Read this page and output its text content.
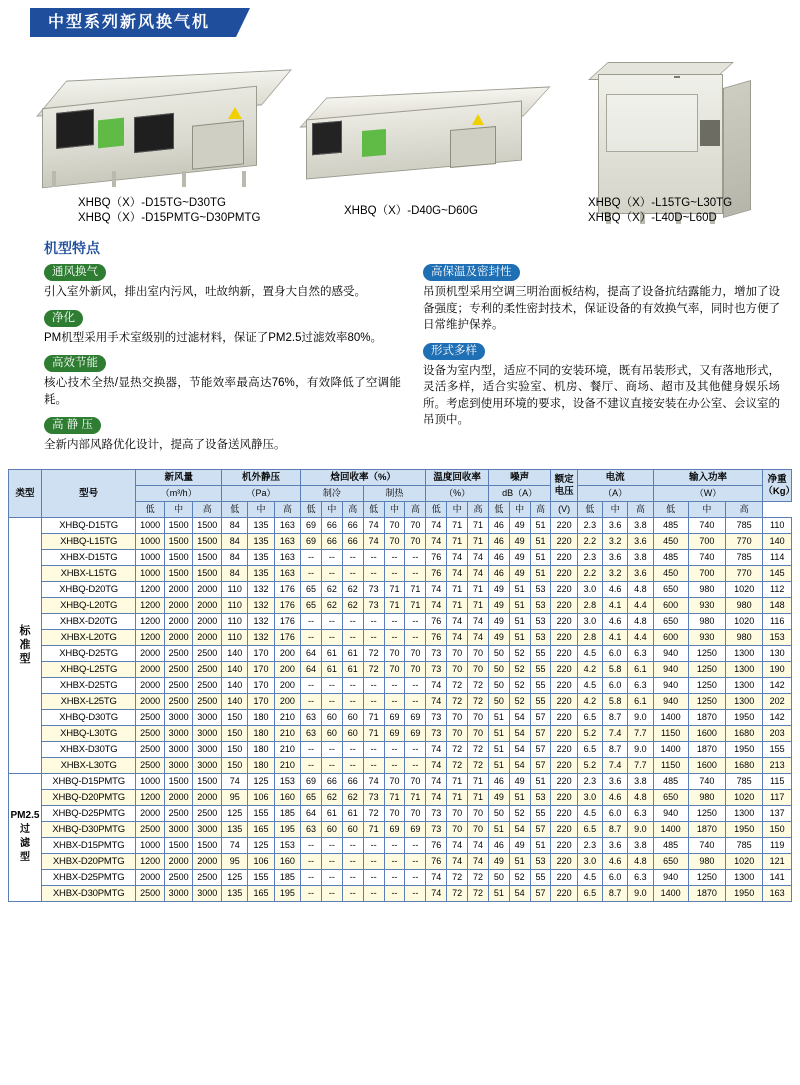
中型系列新风换气机
XHBQ（X）-D15TG~D30TG
XHBQ（X）-D15PMTG~D30PMTG
XHBQ（X）-D40G~D60G
XHBQ（X）-L15TG~L30TG
XHBQ（X）-L40D~L60D
机型特点
通风换气

引入室外新风，排出室内污风，吐故纳新，置身大自然的感受。

净化

PM机型采用手术室级别的过滤材料，保证了PM2.5过滤效率80%。

高效节能

核心技术全热/显热交换器，节能效率最高达76%，有效降低了空调能耗。

高 静 压

全新内部风路优化设计，提高了设备送风静压。

高保温及密封性

吊顶机型采用空调三明治面板结构，提高了设备抗结露能力，增加了设备强度；专利的柔性密封技术，保证设备的有效换气率，同时也方便了日常维护保养。

形式多样

设备为室内型，适应不同的安装环境，既有吊装形式，又有落地形式，灵活多样，适合实验室、机房、餐厅、商场、超市及其他健身娱乐场所。考虑到使用环境的要求，设备不建议直接安装在办公室、会议室的吊顶中。

类型	型号	
新风量	机外静压	焓回收率（%）	温度回收率	噪声	额定
电压

电流	输入功率	净重
（Kg）

		（m³/h）			（Pa）			制冷			制热			（%）			dB（A）				（A）			（W）			
		低	中	高	低	中	高	低	中	高	低	中	高	低	中	高	低	中	高	(V)	低	中	高	低	中	高	

标
准
型	XHBQ-D15TG	1000	1500	1500	84	135	163	69	66	66	74	70	70	74	71	71	46	49	51	220	2.3	3.6	3.8	485	740	785	110
	XHBQ-L15TG	1000	1500	1500	84	135	163	69	66	66	74	70	70	74	71	71	46	49	51	220	2.2	3.2	3.6	450	700	770	140
	XHBX-D15TG	1000	1500	1500	84	135	163	--	--	--	--	--	--	76	74	74	46	49	51	220	2.3	3.6	3.8	485	740	785	114
	XHBX-L15TG	1000	1500	1500	84	135	163	--	--	--	--	--	--	76	74	74	46	49	51	220	2.2	3.2	3.6	450	700	770	145
	XHBQ-D20TG	1200	2000	2000	110	132	176	65	62	62	73	71	71	74	71	71	49	51	53	220	3.0	4.6	4.8	650	980	1020	112
	XHBQ-L20TG	1200	2000	2000	110	132	176	65	62	62	73	71	71	74	71	71	49	51	53	220	2.8	4.1	4.4	600	930	980	148
	XHBX-D20TG	1200	2000	2000	110	132	176	--	--	--	--	--	--	76	74	74	49	51	53	220	3.0	4.6	4.8	650	980	1020	116
	XHBX-L20TG	1200	2000	2000	110	132	176	--	--	--	--	--	--	76	74	74	49	51	53	220	2.8	4.1	4.4	600	930	980	153
	XHBQ-D25TG	2000	2500	2500	140	170	200	64	61	61	72	70	70	73	70	70	50	52	55	220	4.5	6.0	6.3	940	1250	1300	130
	XHBQ-L25TG	2000	2500	2500	140	170	200	64	61	61	72	70	70	73	70	70	50	52	55	220	4.2	5.8	6.1	940	1250	1300	190
	XHBX-D25TG	2000	2500	2500	140	170	200	--	--	--	--	--	--	74	72	72	50	52	55	220	4.5	6.0	6.3	940	1250	1300	142
	XHBX-L25TG	2000	2500	2500	140	170	200	--	--	--	--	--	--	74	72	72	50	52	55	220	4.2	5.8	6.1	940	1250	1300	202
	XHBQ-D30TG	2500	3000	3000	150	180	210	63	60	60	71	69	69	73	70	70	51	54	57	220	6.5	8.7	9.0	1400	1870	1950	142
	XHBQ-L30TG	2500	3000	3000	150	180	210	63	60	60	71	69	69	73	70	70	51	54	57	220	5.2	7.4	7.7	1150	1600	1680	203
	XHBX-D30TG	2500	3000	3000	150	180	210	--	--	--	--	--	--	74	72	72	51	54	57	220	6.5	8.7	9.0	1400	1870	1950	155
	XHBX-L30TG	2500	3000	3000	150	180	210	--	--	--	--	--	--	74	72	72	51	54	57	220	5.2	7.4	7.7	1150	1600	1680	213

PM2.5
过
滤
型	XHBQ-D15PMTG	1000	1500	1500	74	125	153	69	66	66	74	70	70	74	71	71	46	49	51	220	2.3	3.6	3.8	485	740	785	115
	XHBQ-D20PMTG	1200	2000	2000	95	106	160	65	62	62	73	71	71	74	71	71	49	51	53	220	3.0	4.6	4.8	650	980	1020	117
	XHBQ-D25PMTG	2000	2500	2500	125	155	185	64	61	61	72	70	70	73	70	70	50	52	55	220	4.5	6.0	6.3	940	1250	1300	137
	XHBQ-D30PMTG	2500	3000	3000	135	165	195	63	60	60	71	69	69	73	70	70	51	54	57	220	6.5	8.7	9.0	1400	1870	1950	150
	XHBX-D15PMTG	1000	1500	1500	74	125	153	--	--	--	--	--	--	76	74	74	46	49	51	220	2.3	3.6	3.8	485	740	785	119
	XHBX-D20PMTG	1200	2000	2000	95	106	160	--	--	--	--	--	--	76	74	74	49	51	53	220	3.0	4.6	4.8	650	980	1020	121
	XHBX-D25PMTG	2000	2500	2500	125	155	185	--	--	--	--	--	--	74	72	72	50	52	55	220	4.5	6.0	6.3	940	1250	1300	141
	XHBX-D30PMTG	2500	3000	3000	135	165	195	--	--	--	--	--	--	74	72	72	51	54	57	220	6.5	8.7	9.0	1400	1870	1950	163
